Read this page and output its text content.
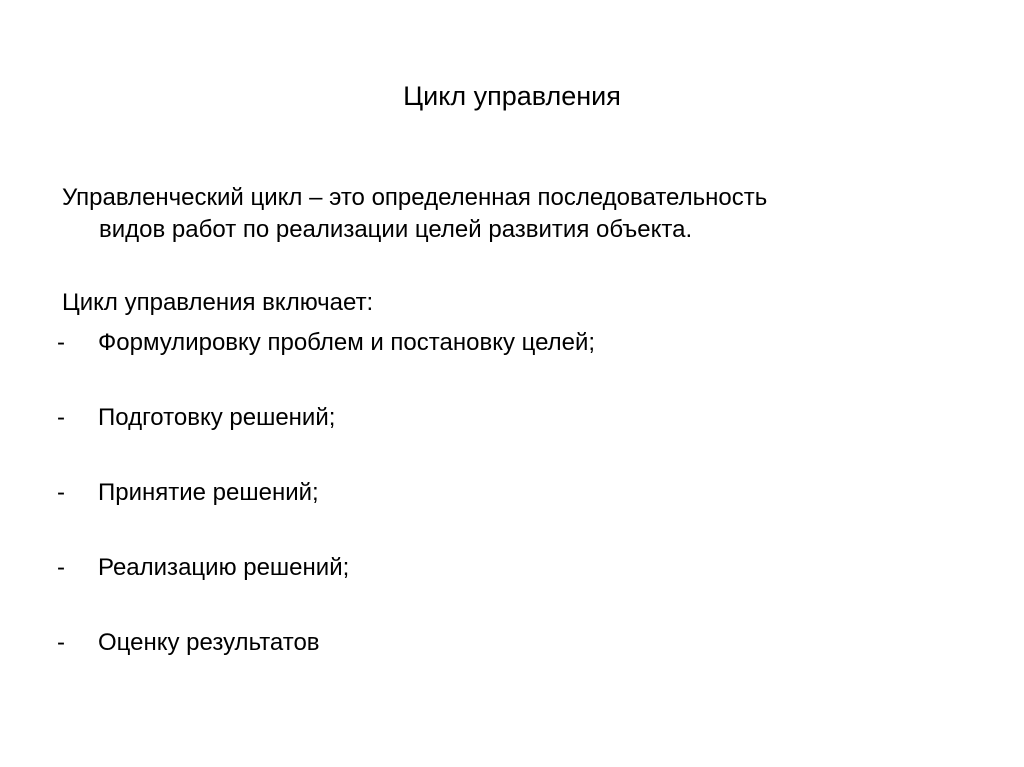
Цикл управления
Управленческий цикл – это определенная последовательность
видов работ по реализации целей развития объекта.
Цикл управления включает:
- Формулировку проблем и постановку целей;
- Подготовку решений;
- Принятие решений;
- Реализацию решений;
- Оценку результатов
